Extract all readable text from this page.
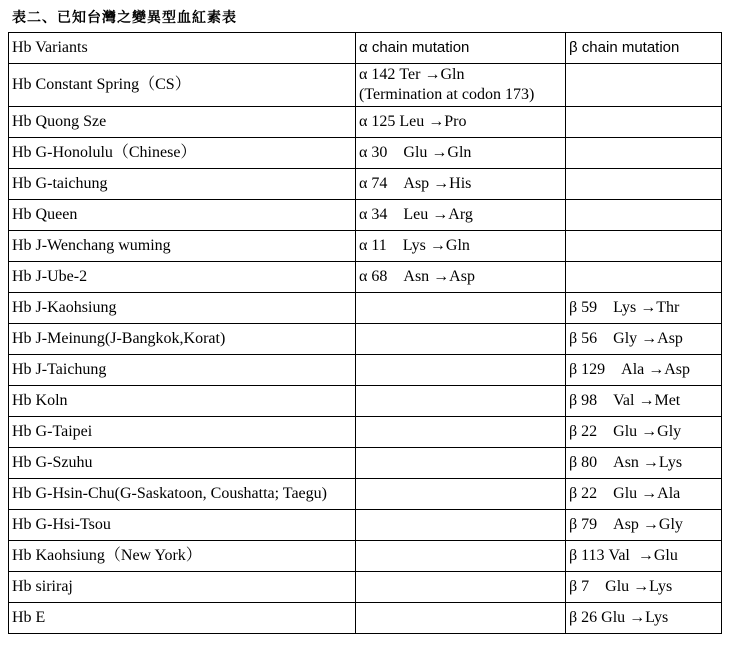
表二、已知台灣之變異型血紅素表
Hb Variants	α chain mutation	β chain mutation
Hb Constant Spring（CS）	α 142 Ter →Gln
(Termination at codon 173)	

Hb Quong Sze	α 125 Leu →Pro	
Hb G-Honolulu（Chinese）	α 30    Glu →Gln	
Hb G-taichung	α 74    Asp →His	
Hb Queen	α 34    Leu →Arg	
Hb J-Wenchang wuming	α 11    Lys →Gln	
Hb J-Ube-2	α 68    Asn →Asp	
Hb J-Kaohsiung		β 59    Lys →Thr
Hb J-Meinung(J-Bangkok,Korat)		β 56    Gly →Asp
Hb J-Taichung		β 129    Ala →Asp
Hb Koln		β 98    Val →Met
Hb G-Taipei		β 22    Glu →Gly
Hb G-Szuhu		β 80    Asn →Lys
Hb G-Hsin-Chu(G-Saskatoon, Coushatta; Taegu)		β 22    Glu →Ala
Hb G-Hsi-Tsou		β 79    Asp →Gly
Hb Kaohsiung（New York）		β 113 Val  →Glu
Hb siriraj		β 7    Glu →Lys
Hb E		β 26 Glu →Lys
